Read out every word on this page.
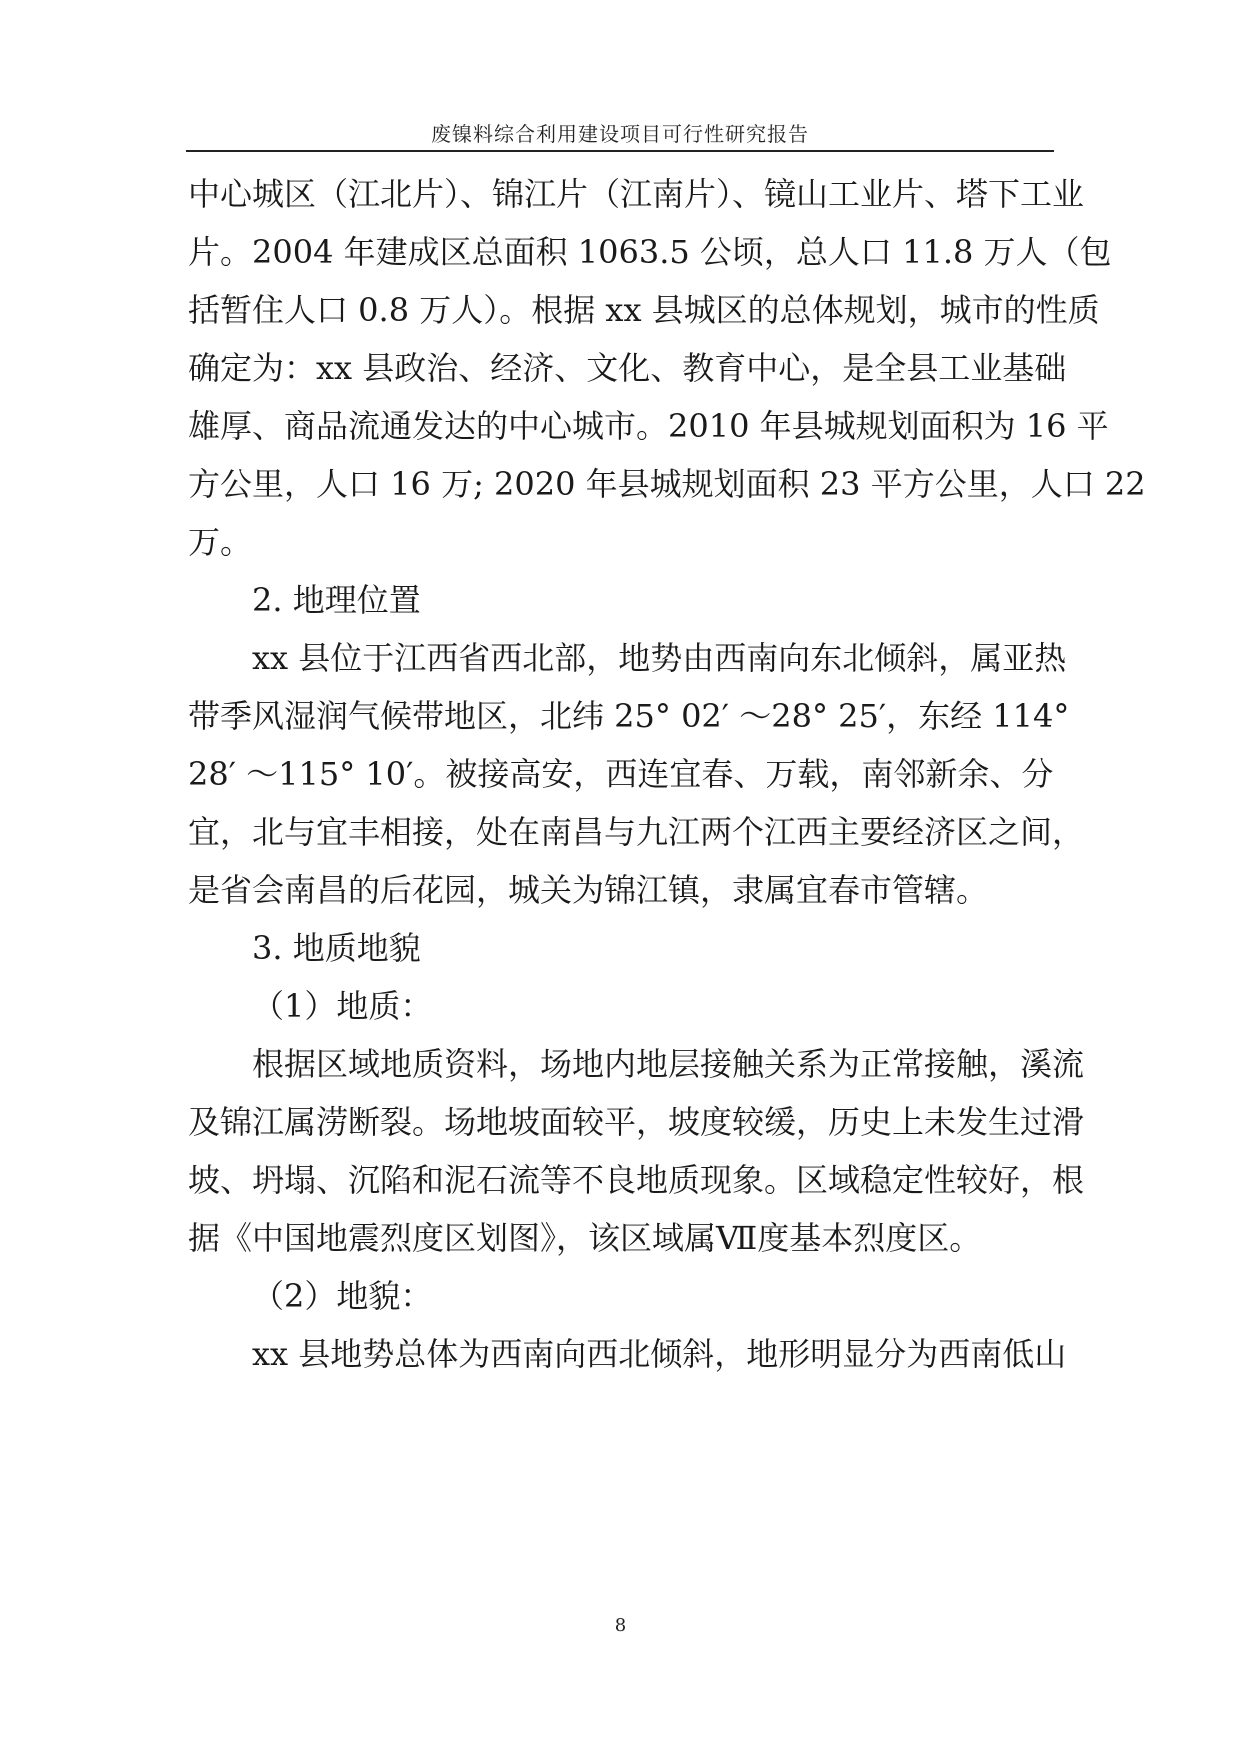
废镍料综合利用建设项目可行性研究报告
中心城区（江北片）、锦江片（江南片）、镜山工业片、塔下工业
片。2004 年建成区总面积 1063.5 公顷，总人口 11.8 万人（包
括暂住人口 0.8 万人）。根据 xx 县城区的总体规划，城市的性质
确定为：xx 县政治、经济、文化、教育中心，是全县工业基础
雄厚、商品流通发达的中心城市。2010 年县城规划面积为 16 平
方公里，人口 16 万; 2020 年县城规划面积 23 平方公里，人口 22
万。
2. 地理位置
xx 县位于江西省西北部，地势由西南向东北倾斜，属亚热
带季风湿润气候带地区，北纬 25° 02′ ～28° 25′，东经 114°
28′ ～115° 10′。被接高安，西连宜春、万载，南邻新余、分
宜，北与宜丰相接，处在南昌与九江两个江西主要经济区之间，
是省会南昌的后花园，城关为锦江镇，隶属宜春市管辖。
3. 地质地貌
（1）地质：
根据区域地质资料，场地内地层接触关系为正常接触，溪流
及锦江属涝断裂。场地坡面较平，坡度较缓，历史上未发生过滑
坡、坍塌、沉陷和泥石流等不良地质现象。区域稳定性较好，根
据《中国地震烈度区划图》，该区域属Ⅶ度基本烈度区。
（2）地貌：
xx 县地势总体为西南向西北倾斜，地形明显分为西南低山
8
